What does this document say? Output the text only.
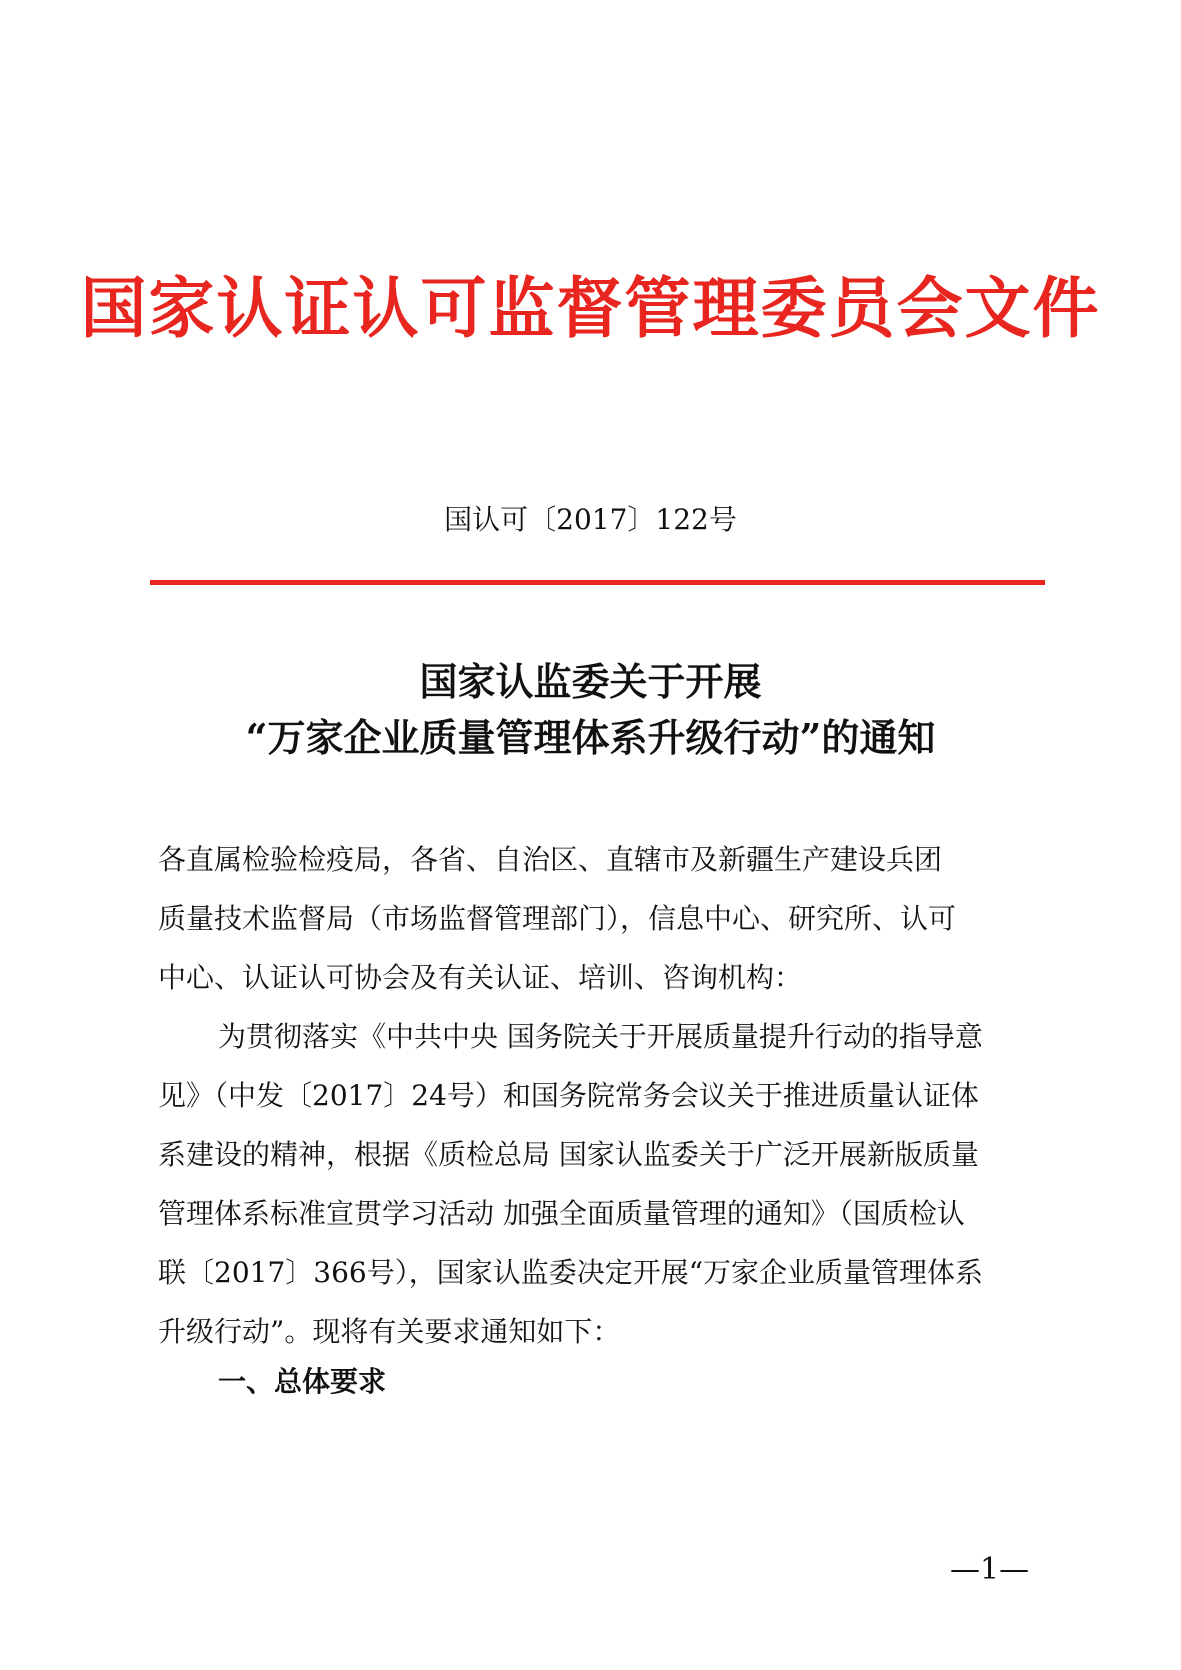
国家认证认可监督管理委员会文件
国认可〔2017〕122号
国家认监委关于开展
“万家企业质量管理体系升级行动”的通知
各直属检验检疫局，各省、自治区、直辖市及新疆生产建设兵团
质量技术监督局（市场监督管理部门），信息中心、研究所、认可
中心、认证认可协会及有关认证、培训、咨询机构：
为贯彻落实《中共中央 国务院关于开展质量提升行动的指导意
见》（中发〔2017〕24号）和国务院常务会议关于推进质量认证体
系建设的精神，根据《质检总局 国家认监委关于广泛开展新版质量
管理体系标准宣贯学习活动 加强全面质量管理的通知》（国质检认
联〔2017〕366号），国家认监委决定开展“万家企业质量管理体系
升级行动”。现将有关要求通知如下：
一、总体要求
—1—
